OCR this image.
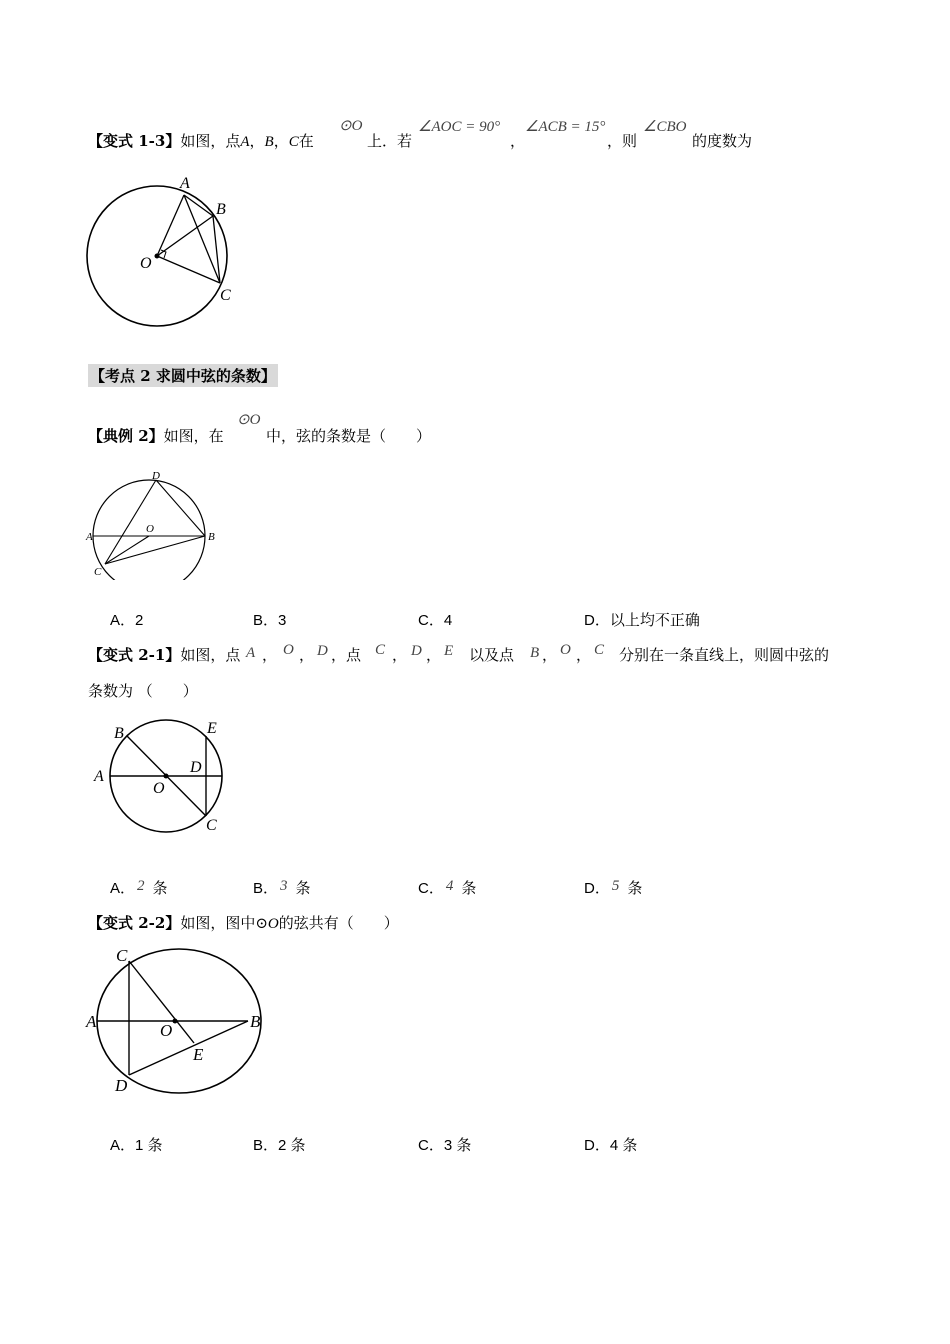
【变式 1-3】如图，点A，B，C在
⊙O
上．若
∠AOC = 90°
，
∠ACB = 15°
，则
∠CBO
的度数为
A
B
O
C
【考点 2 求圆中弦的条数】
【典例 2】如图，在
⊙O
中，弦的条数是（　　）
D
A
O
B
C
A．2	B．3	C．4	D．以上均不正确
【变式 2-1】如图，点 A ， O ， D ，点 C ， D ， E 以及点 B ， O ， C 分别在一条直线上，则圆中弦的
条数为 （　　）
B	E
A
D
O
C
A． 2 条	B． 3 条	C． 4 条	D． 5 条
【变式 2-2】如图，图中⊙O的弦共有（　　）
C
A	O	B
E
D
A．1 条	B．2 条	C．3 条	D．4 条
